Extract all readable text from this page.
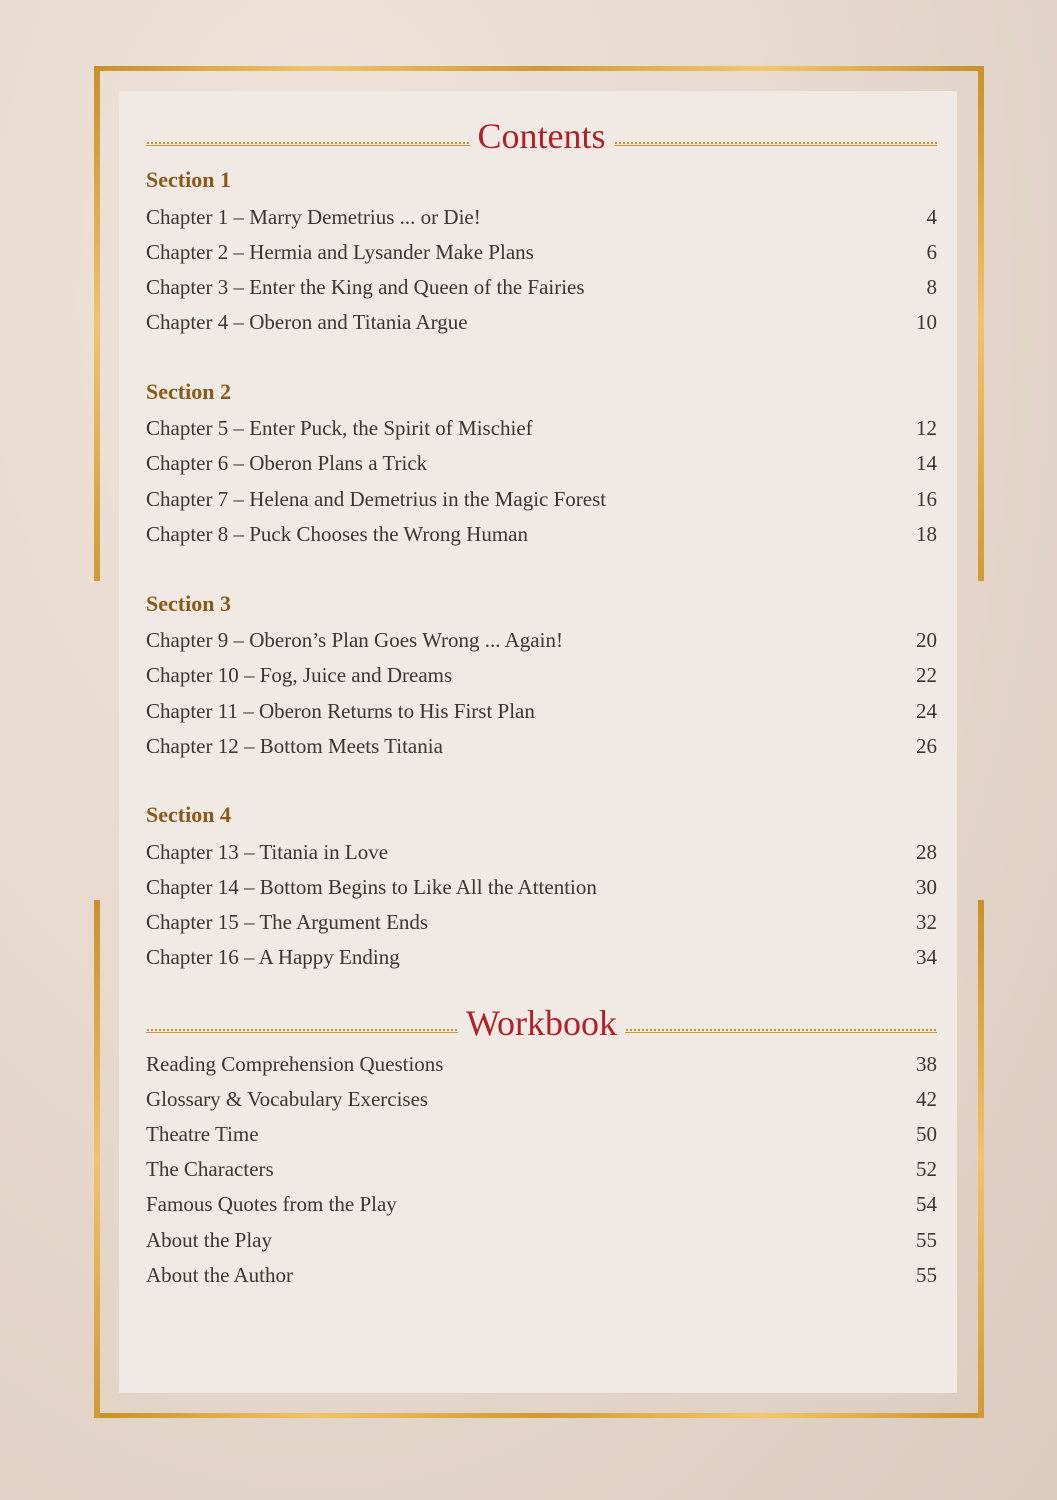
Contents
Section 1
Chapter 1 – Marry Demetrius ... or Die!	4
Chapter 2 – Hermia and Lysander Make Plans	6
Chapter 3 – Enter the King and Queen of the Fairies	8
Chapter 4 – Oberon and Titania Argue	10
Section 2
Chapter 5 – Enter Puck, the Spirit of Mischief	12
Chapter 6 – Oberon Plans a Trick	14
Chapter 7 – Helena and Demetrius in the Magic Forest	16
Chapter 8 – Puck Chooses the Wrong Human	18
Section 3
Chapter 9 – Oberon’s Plan Goes Wrong ... Again!	20
Chapter 10 – Fog, Juice and Dreams	22
Chapter 11 – Oberon Returns to His First Plan	24
Chapter 12 – Bottom Meets Titania	26
Section 4
Chapter 13 – Titania in Love	28
Chapter 14 – Bottom Begins to Like All the Attention	30
Chapter 15 – The Argument Ends	32
Chapter 16 – A Happy Ending	34
Workbook
Reading Comprehension Questions	38
Glossary & Vocabulary Exercises	42
Theatre Time	50
The Characters	52
Famous Quotes from the Play	54
About the Play	55
About the Author	55
